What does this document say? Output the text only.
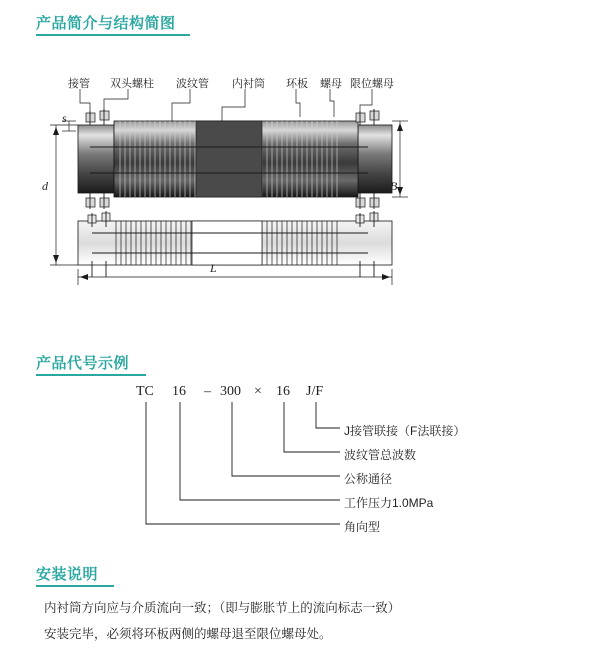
产品简介与结构简图
接管 双头螺柱 波纹管 内衬筒 环板 螺母 限位螺母
s
d	B
L
产品代号示例
TC 16 – 300 × 16 J/F
J接管联接（F法联接）
波纹管总波数
公称通径
工作压力1.0MPa
角向型
安装说明

内衬筒方向应与介质流向一致；（即与膨胀节上的流向标志一致）

安装完毕，必须将环板两侧的螺母退至限位螺母处。
